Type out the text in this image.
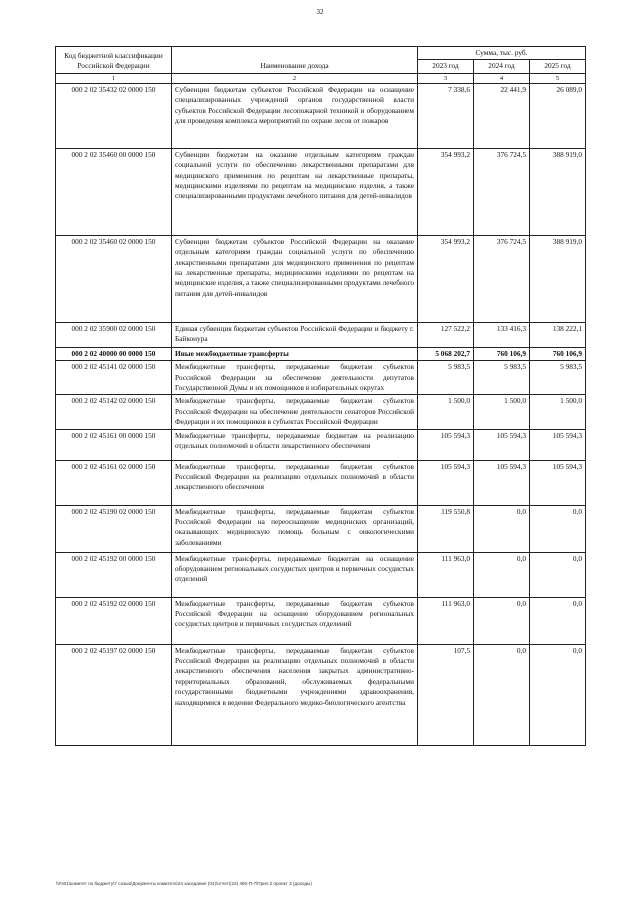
32
Код бюджетной классификации Российской Федерации	Наименование дохода	Сумма, тыс. руб.		
		2023 год	2024 год	2025 год
1	2	3	4	5
000 2 02 35432 02 0000 150	Субвенции бюджетам субъектов Российской Федерации на оснащение специализированных учреждений органов государственной власти субъектов Российской Федерации лесопожарной техникой и оборудованием для проведения комплекса мероприятий по охране лесов от пожаров	7 338,6	22 441,9	26 089,0
000 2 02 35460 00 0000 150	Субвенции бюджетам на оказание отдельным категориям граждан социальной услуги по обеспечению лекарственными препаратами для медицинского применения по рецептам на лекарственные препараты, медицинскими изделиями по рецептам на медицинские изделия, а также специализированными продуктами лечебного питания для детей-инвалидов	354 993,2	376 724,5	388 919,0
000 2 02 35460 02 0000 150	Субвенции бюджетам субъектов Российской Федерации на оказание отдельным категориям граждан социальной услуги по обеспечению лекарственными препаратами для медицинского применения по рецептам на лекарственные препараты, медицинскими изделиями по рецептам на медицинские изделия, а также специализированными продуктами лечебного питания для детей-инвалидов	354 993,2	376 724,5	388 919,0
000 2 02 35900 02 0000 150	Единая субвенция бюджетам субъектов Российской Федерации и бюджету г. Байконура	127 522,2	133 416,3	138 222,1
000 2 02 40000 00 0000 150	Иные межбюджетные трансферты	5 068 202,7	760 106,9	760 106,9
000 2 02 45141 02 0000 150	Межбюджетные трансферты, передаваемые бюджетам субъектов Российской Федерации на обеспечение деятельности депутатов Государственной Думы и их помощников в избирательных округах	5 983,5	5 983,5	5 983,5
000 2 02 45142 02 0000 150	Межбюджетные трансферты, передаваемые бюджетам субъектов Российской Федерации на обеспечение деятельности сенаторов Российской Федерации и их помощников в субъектах Российской Федерации	1 500,0	1 500,0	1 500,0
000 2 02 45161 00 0000 150	Межбюджетные трансферты, передаваемые бюджетам на реализацию отдельных полномочий в области лекарственного обеспечения	105 594,3	105 594,3	105 594,3
000 2 02 45161 02 0000 150	Межбюджетные трансферты, передаваемые бюджетам субъектов Российской Федерации на реализацию отдельных полномочий в области лекарственного обеспечения	105 594,3	105 594,3	105 594,3
000 2 02 45190 02 0000 150	Межбюджетные трансферты, передаваемые бюджетам субъектов Российской Федерации на переоснащение медицинских организаций, оказывающих медицинскую помощь больным с онкологическими заболеваниями	119 550,8	0,0	0,0
000 2 02 45192 00 0000 150	Межбюджетные трансферты, передаваемые бюджетам на оснащение оборудованием региональных сосудистых центров и первичных сосудистых отделений	111 963,0	0,0	0,0
000 2 02 45192 02 0000 150	Межбюджетные трансферты, передаваемые бюджетам субъектов Российской Федерации на оснащение оборудованием региональных сосудистых центров и первичных сосудистых отделений	111 963,0	0,0	0,0
000 2 02 45197 02 0000 150	Межбюджетные трансферты, передаваемые бюджетам субъектов Российской Федерации на реализацию отдельных полномочий в области лекарственного обеспечения населения закрытых административно-территориальных образований, обслуживаемых федеральными государственными бюджетными учреждениями здравоохранения, находящимися в ведении Федерального медико-биологического агентства	107,5	0,0	0,0
\\Fs01\комитет по бюджету\7 созыв\Документы комитета\24 заседание (04)\отчет\(24) 460-П-7\Прил 2 проект 3 (доходы)
